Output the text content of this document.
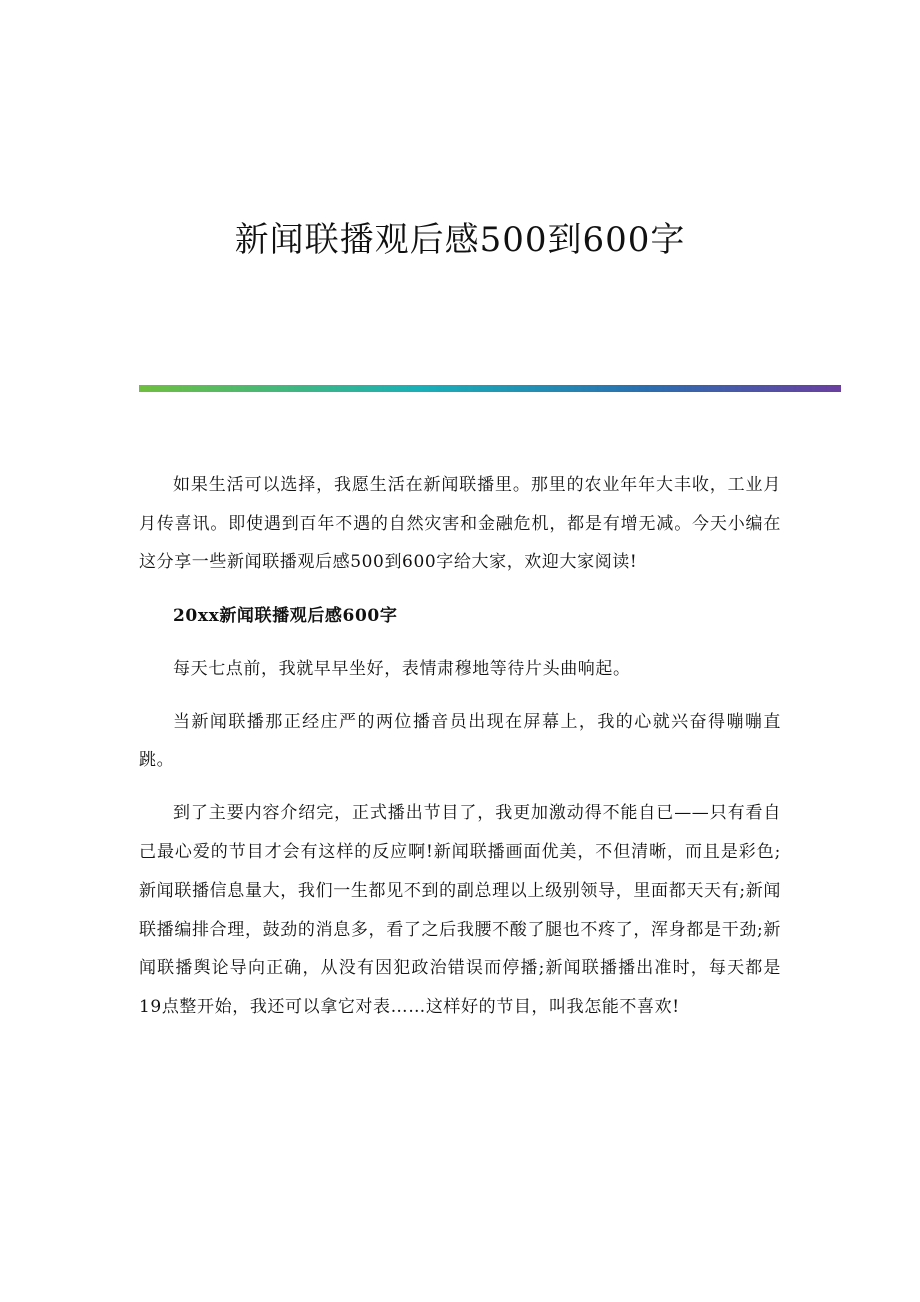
新闻联播观后感500到600字

如果生活可以选择，我愿生活在新闻联播里。那里的农业年年大丰收，工业月月传喜讯。即使遇到百年不遇的自然灾害和金融危机，都是有增无减。今天小编在这分享一些新闻联播观后感500到600字给大家，欢迎大家阅读!

20xx新闻联播观后感600字

每天七点前，我就早早坐好，表情肃穆地等待片头曲响起。

当新闻联播那正经庄严的两位播音员出现在屏幕上，我的心就兴奋得嘣嘣直跳。

到了主要内容介绍完，正式播出节目了，我更加激动得不能自已——只有看自己最心爱的节目才会有这样的反应啊!新闻联播画面优美，不但清晰，而且是彩色;新闻联播信息量大，我们一生都见不到的副总理以上级别领导，里面都天天有;新闻联播编排合理，鼓劲的消息多，看了之后我腰不酸了腿也不疼了，浑身都是干劲;新闻联播舆论导向正确，从没有因犯政治错误而停播;新闻联播播出准时，每天都是19点整开始，我还可以拿它对表……这样好的节目，叫我怎能不喜欢!
